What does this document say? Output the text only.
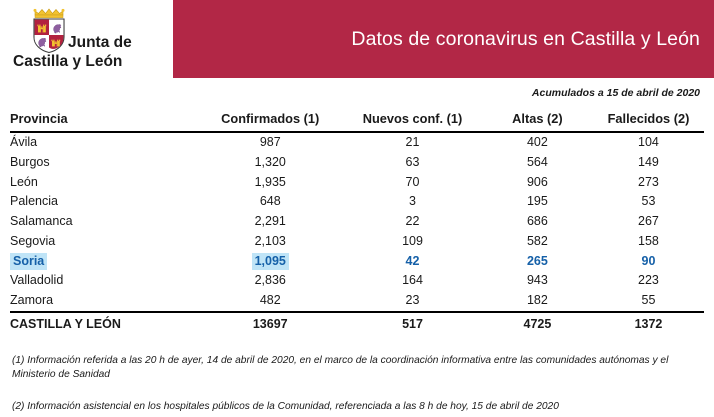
Datos de coronavirus en Castilla y León
Junta de
Castilla y León
Acumulados a 15 de abril de 2020
Provincia	Confirmados (1)	Nuevos conf. (1)	Altas (2)	Fallecidos (2)
Ávila	987	21	402	104
Burgos	1,320	63	564	149
León	1,935	70	906	273
Palencia	648	3	195	53
Salamanca	2,291	22	686	267
Segovia	2,103	109	582	158
Soria	1,095	42	265	90
Valladolid	2,836	164	943	223
Zamora	482	23	182	55
CASTILLA Y LEÓN	13697	517	4725	1372
(1) Información referida a las 20 h de ayer, 14 de abril de 2020, en el marco de la coordinación informativa entre las comunidades autónomas y el Ministerio de Sanidad
(2) Información asistencial en los hospitales públicos de la Comunidad, referenciada a las 8 h de hoy, 15 de abril de 2020
